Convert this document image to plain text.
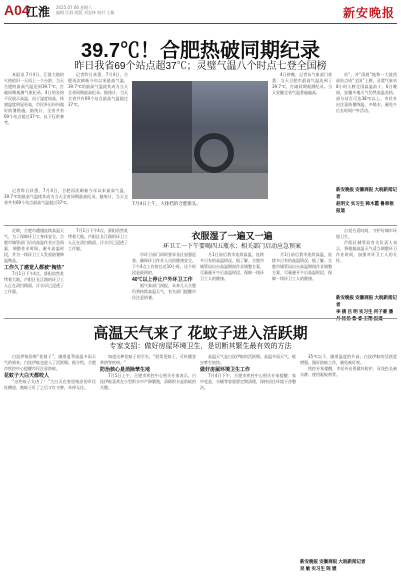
A04
江淮 2025.07.06 星期六
编辑 汪群 组版 刘忠林 校对 王璇	新安晚报
39.7℃！合肥热破同期纪录
昨日我省69个站点超37℃；灵璧气温八个时点七登全国榜

本报讯 7月4日，江淮大地的火热依旧一天再上一个台阶，当天合肥的最高气温达到39.7℃，打破同期观测气象纪录。4日的炎热不仅展示高温，由于湿度较高，体感温度明显更高，市民外出纷纷做好防暑措施。据统计，全省共有69个站点超过37℃，以下仅供参考。

记者昨日获悉，7月4日，合肥再次刷新今年以来最高气温，39.7℃的最高气温使其成为当天全省同期最高纪录。据统计，当天全省共有69个站点最高气温超过37℃。

记者昨日获悉，7月4日，合肥再次刷新今年以来最高气温，39.7℃的最高气温使其成为当天全省同期最高纪录。据统计，当天全省共有69个站点最高气温超过37℃。	7月4日上午，大排档的合肥街头。

4日傍晚，记者从气象部门获悉：当天合肥市最高气温达到了39.7℃，打破同期观测纪录。当天安徽全省气温普遍偏高。

站”，并“清展”地和一大波西部站点成“全国”上榜。灵璧气象站8小时入榜全国高温前十，6日晚间，安徽多地天气仍然高温炎热，部分站点可达38℃以上。市民外出注意防暑降温，多喝水，避免午后长时间户外活动。

新安晚报 安徽商报 大皖新闻记者
赵明文 实习生 韩木霞 鲁翠根报道
衣服湿了一遍又一遍
环卫工一下午要喝四五瓶水；相关部门启动应急预案

近期，合肥市遭遇连续高温天气，为了保障环卫工身体安全，合肥市城管部门启动高温作业应急预案，调整作业时间，避开高温时段，并为一线环卫工人发放防暑降温物品。

工作久了感觉人都被“掏热”

7月1日下午4点，骄阳依然炙烤着大地。芦阳区长江路的环卫工人正在清扫路面，汗水早已浸透了工作服。

7月1日下午4点，骄阳依然炙烤着大地。芦阳区长江路的环卫工人正在清扫路面，汗水早已浸透了工作服。

市环卫部门同时要求各区加强巡查，确保环卫作业人员的健康安全。下午4点工作时长近10小时，这个时段是最热的。

40℃以上停止户外环卫工作

据气象部门预报，未来几天合肥仍将持续高温天气，有关部门提醒市民注意防暑。

月1日前后我市连续高温，连续多日有的高温情况，据了解，合肥市城管局出台高温期间作业调整方案，尽量避开午后高温时段，保障一线环卫工人的健康。

月1日前后我市连续高温，连续多日有的高温情况，据了解，合肥市城管局出台高温期间作业调整方案，尽量避开午后高温时段，保障一线环卫工人的健康。

自觉合适时间，守护好城市环境卫生。

芦阳区城管局有关负责人表示，将根据高温天气适当调整环卫作业时间，加强对环卫工人的关怀。

新安晚报 安徽商报 大皖新闻记者
李 倩 吕 明 实习生 何子豪 潘月 杨扬 鲁 睿 王翔 报道
高温天气来了 花蚊子进入活跃期
专家支招：做好房屋环境卫生，是切断其繁生最有效的方法

白纹伊蚊俗称“花蚊子”，随着夏季高温多雨天气的到来，白纹伊蚊也进入了活跃期。据介绍，合肥市疾控中心提醒市民注意防蚊。

花蚊子大白天都咬人

“这些蚊子太凶了！”大白天在家里纳凉的市民吐槽道，被蚊子叮了之后又红又肿，奇痒无比。

知道这种花蚊子的学名，“很常见蚊子，可传播登革热等疾病。”

防治核心是消除孳生地

7月5日上午，合肥市疾控中心相关专家表示，白纹伊蚊喜欢在小型积水中产卵繁殖，清除积水是防蚊的关键。

高温天气是白纹伊蚊的活跃期。高温多雨天气，蚊虫孳生较快。

做好房屋环境卫生工作

7月4日下午，合肥市疾控中心相关专家提醒：家中花盆、水桶等容器要定期清理，保持居住环境干净整洁。

35℃以下，随着温度的升高，白纹伊蚊的活跃度增强。做好防蚊工作，避免被叮咬。

疾控专家提醒，市民外出要做好防护，穿浅色长袖衣裤，使用驱蚊剂等。

新安晚报 安徽商报 大皖新闻记者
吴 敏 实习生 陈 媛
